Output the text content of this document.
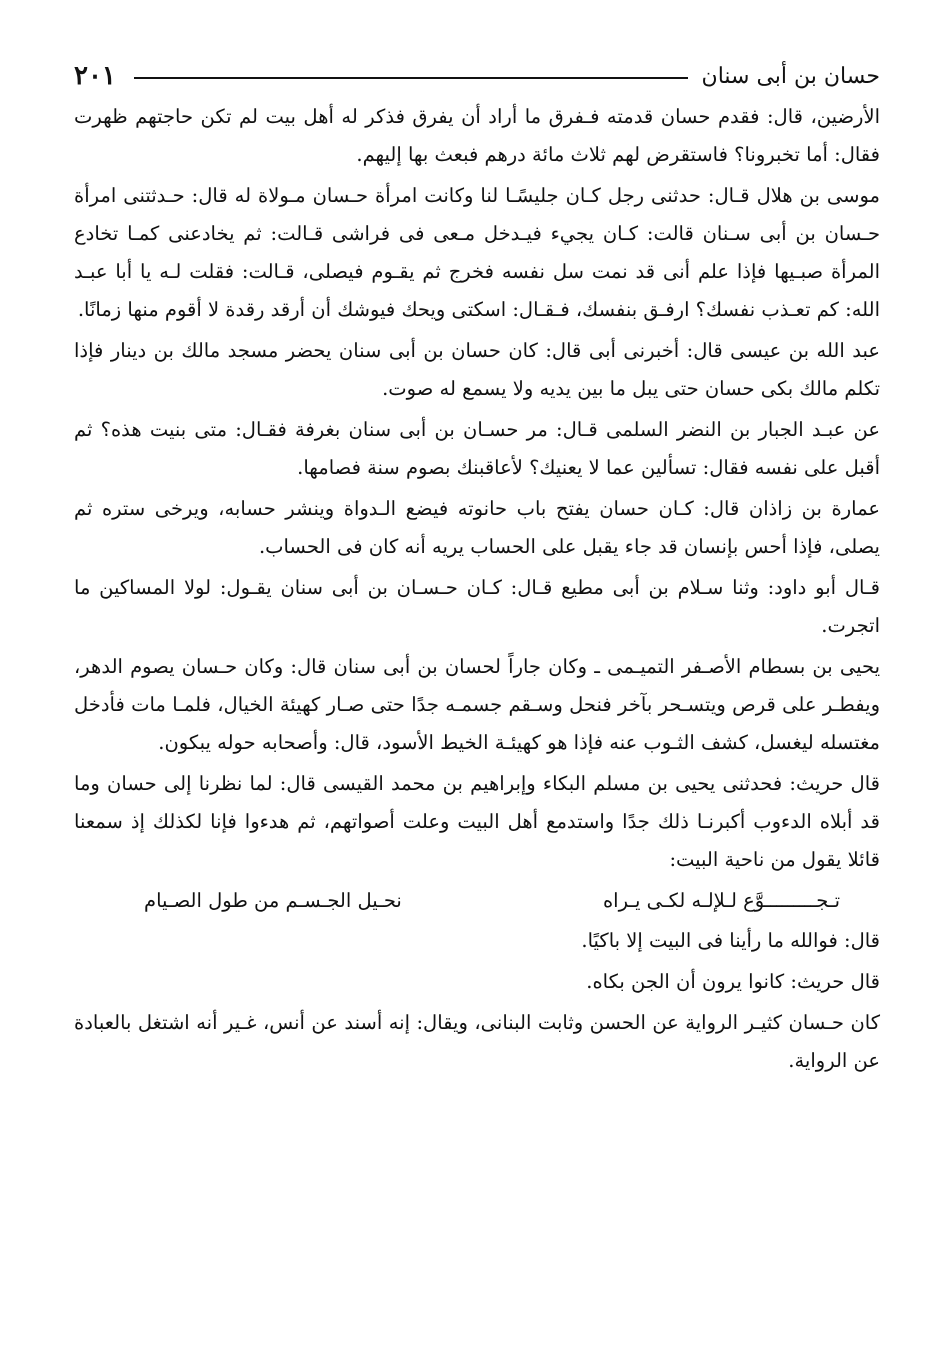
حسان بن أبى سنان
٢٠١

الأرضين، قال: فقدم حسان قدمته فـفرق ما أراد أن يفرق فذكر له أهل بيت لم تكن حاجتهم ظهرت فقال: أما تخبرونا؟ فاستقرض لهم ثلاث مائة درهم فبعث بها إليهم.

موسى بن هلال قـال: حدثنى رجل كـان جليسًـا لنا وكانت امرأة حـسان مـولاة له قال: حـدثتنى امرأة حـسان بن أبى سـنان قالت: كـان يجيء فيـدخل مـعى فى فراشى قـالت: ثم يخادعنى كمـا تخادع المرأة صبـيها فإذا علم أنى قد نمت سل نفسه فخرج ثم يقـوم فيصلى، قـالت: فقلت لـه يا أبا عبـد الله: كم تعـذب نفسك؟ ارفـق بنفسك، فـقـال: اسكتى ويحك فيوشك أن أرقد رقدة لا أقوم منها زمانًا.

عبد الله بن عيسى قال: أخبرنى أبى قال: كان حسان بن أبى سنان يحضر مسجد مالك بن دينار فإذا تكلم مالك بكى حسان حتى يبل ما بين يديه ولا يسمع له صوت.

عن عبـد الجبار بن النضر السلمى قـال: مر حسـان بن أبى سنان بغرفة فقـال: متى بنيت هذه؟ ثم أقبل على نفسه فقال: تسألين عما لا يعنيك؟ لأعاقبنك بصوم سنة فصامها.

عمارة بن زاذان قال: كـان حسان يفتح باب حانوته فيضع الـدواة وينشر حسابه، ويرخى ستره ثم يصلى، فإذا أحس بإنسان قد جاء يقبل على الحساب يريه أنه كان فى الحساب.

قـال أبو داود: وثنا سـلام بن أبى مطيع قـال: كـان حـسـان بن أبى سنان يقـول: لولا المساكين ما اتجرت.

يحيى بن بسطام الأصـفر التميـمى ـ وكان جاراً لحسان بن أبى سنان قال: وكان حـسان يصوم الدهر، ويفطـر على قرص ويتسـحر بآخر فنحل وسـقم جسمـه جدًا حتى صـار كهيئة الخيال، فلمـا مات فأدخل مغتسله ليغسل، كشف الثـوب عنه فإذا هو كهيئـة الخيط الأسود، قال: وأصحابه حوله يبكون.

قال حريث: فحدثنى يحيى بن مسلم البكاء وإبراهيم بن محمد القيسى قال: لما نظرنا إلى حسان وما قد أبلاه الدءوب أكبرنـا ذلك جدًا واستدمع أهل البيت وعلت أصواتهم، ثم هدءوا فإنا لكذلك إذ سمعنا قائلا يقول من ناحية البيت:

تـجـــــــــوَّع لـلإلـه لكـى يـراه
نحـيل الجـسـم من طول الصـيام

قال: فوالله ما رأينا فى البيت إلا باكيًا.

قال حريث: كانوا يرون أن الجن بكاه.

كان حـسان كثيـر الرواية عن الحسن وثابت البنانى، ويقال: إنه أسند عن أنس، غـير أنه اشتغل بالعبادة عن الرواية.
